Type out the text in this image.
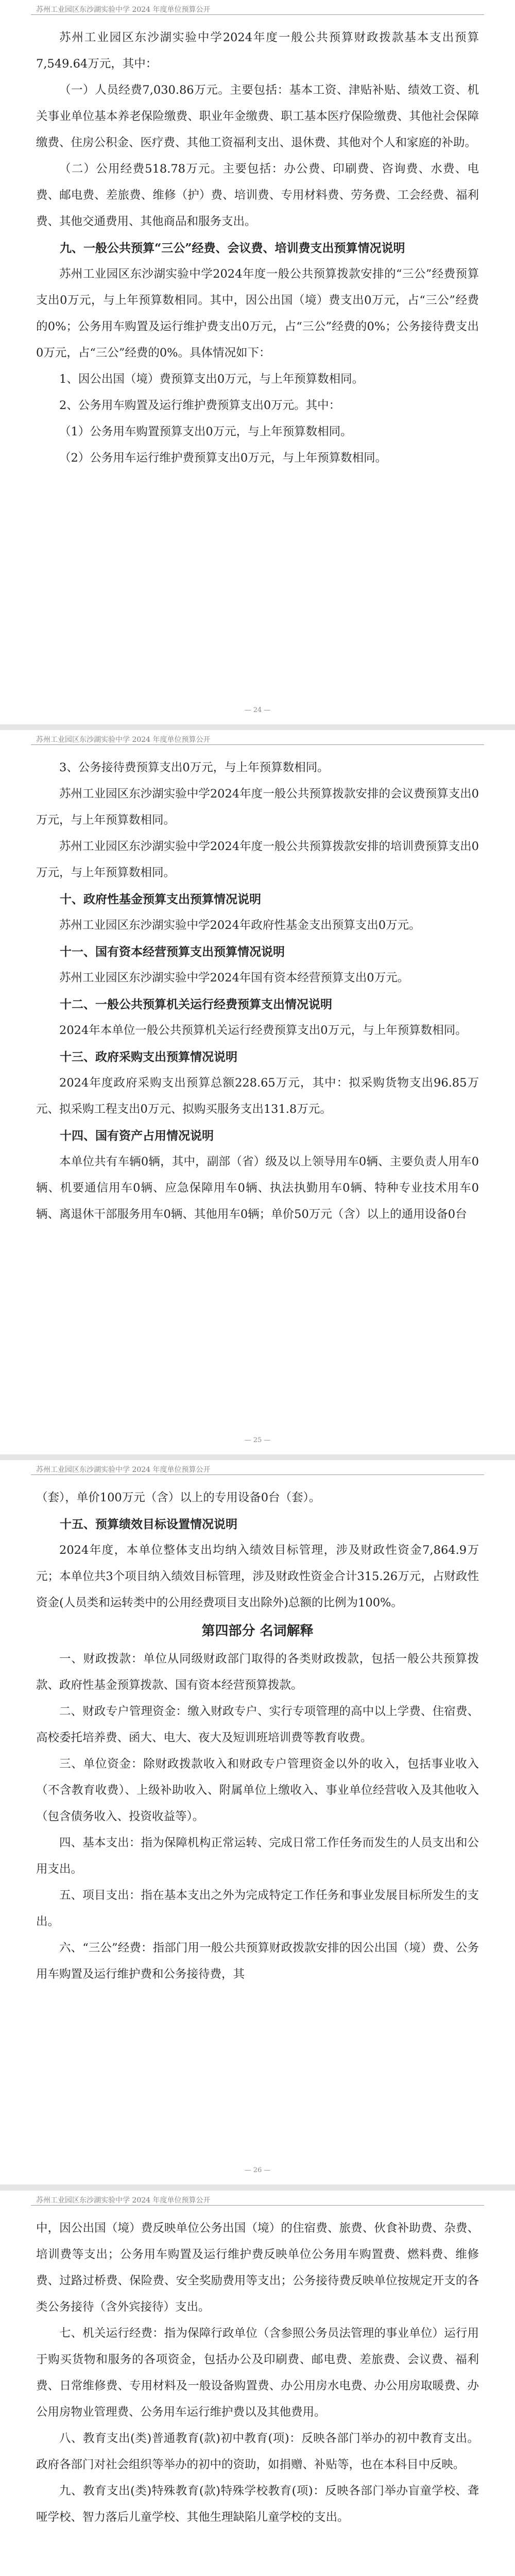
苏州工业园区东沙湖实验中学 2024 年度单位预算公开

苏州工业园区东沙湖实验中学2024年度一般公共预算财政拨款基本支出预算7,549.64万元，其中：

（一）人员经费7,030.86万元。主要包括：基本工资、津贴补贴、绩效工资、机关事业单位基本养老保险缴费、职业年金缴费、职工基本医疗保险缴费、其他社会保障缴费、住房公积金、医疗费、其他工资福利支出、退休费、其他对个人和家庭的补助。

（二）公用经费518.78万元。主要包括：办公费、印刷费、咨询费、水费、电费、邮电费、差旅费、维修（护）费、培训费、专用材料费、劳务费、工会经费、福利费、其他交通费用、其他商品和服务支出。

九、一般公共预算“三公”经费、会议费、培训费支出预算情况说明

苏州工业园区东沙湖实验中学2024年度一般公共预算拨款安排的“三公”经费预算支出0万元，与上年预算数相同。其中，因公出国（境）费支出0万元，占“三公”经费的0%；公务用车购置及运行维护费支出0万元，占“三公”经费的0%；公务接待费支出0万元，占“三公”经费的0%。具体情况如下：

1、因公出国（境）费预算支出0万元，与上年预算数相同。

2、公务用车购置及运行维护费预算支出0万元。其中：

（1）公务用车购置预算支出0万元，与上年预算数相同。

（2）公务用车运行维护费预算支出0万元，与上年预算数相同。

— 24 —
苏州工业园区东沙湖实验中学 2024 年度单位预算公开

3、公务接待费预算支出0万元，与上年预算数相同。

苏州工业园区东沙湖实验中学2024年度一般公共预算拨款安排的会议费预算支出0万元，与上年预算数相同。

苏州工业园区东沙湖实验中学2024年度一般公共预算拨款安排的培训费预算支出0万元，与上年预算数相同。

十、政府性基金预算支出预算情况说明

苏州工业园区东沙湖实验中学2024年政府性基金支出预算支出0万元。

十一、国有资本经营预算支出预算情况说明

苏州工业园区东沙湖实验中学2024年国有资本经营预算支出0万元。

十二、一般公共预算机关运行经费预算支出情况说明

2024年本单位一般公共预算机关运行经费预算支出0万元，与上年预算数相同。

十三、政府采购支出预算情况说明

2024年度政府采购支出预算总额228.65万元，其中：拟采购货物支出96.85万元、拟采购工程支出0万元、拟购买服务支出131.8万元。

十四、国有资产占用情况说明

本单位共有车辆0辆，其中，副部（省）级及以上领导用车0辆、主要负责人用车0辆、机要通信用车0辆、应急保障用车0辆、执法执勤用车0辆、特种专业技术用车0辆、离退休干部服务用车0辆、其他用车0辆；单价50万元（含）以上的通用设备0台

— 25 —
苏州工业园区东沙湖实验中学 2024 年度单位预算公开

（套），单价100万元（含）以上的专用设备0台（套）。

十五、预算绩效目标设置情况说明

2024年度，本单位整体支出均纳入绩效目标管理，涉及财政性资金7,864.9万元；本单位共3个项目纳入绩效目标管理，涉及财政性资金合计315.26万元，占财政性资金(人员类和运转类中的公用经费项目支出除外)总额的比例为100%。

第四部分 名词解释

一、财政拨款：单位从同级财政部门取得的各类财政拨款，包括一般公共预算拨款、政府性基金预算拨款、国有资本经营预算拨款。

二、财政专户管理资金：缴入财政专户、实行专项管理的高中以上学费、住宿费、高校委托培养费、函大、电大、夜大及短训班培训费等教育收费。

三、单位资金：除财政拨款收入和财政专户管理资金以外的收入，包括事业收入（不含教育收费）、上级补助收入、附属单位上缴收入、事业单位经营收入及其他收入（包含债务收入、投资收益等）。

四、基本支出：指为保障机构正常运转、完成日常工作任务而发生的人员支出和公用支出。

五、项目支出：指在基本支出之外为完成特定工作任务和事业发展目标所发生的支出。

六、“三公”经费：指部门用一般公共预算财政拨款安排的因公出国（境）费、公务用车购置及运行维护费和公务接待费，其

— 26 —
苏州工业园区东沙湖实验中学 2024 年度单位预算公开

中，因公出国（境）费反映单位公务出国（境）的住宿费、旅费、伙食补助费、杂费、培训费等支出；公务用车购置及运行维护费反映单位公务用车购置费、燃料费、维修费、过路过桥费、保险费、安全奖励费用等支出；公务接待费反映单位按规定开支的各类公务接待（含外宾接待）支出。

七、机关运行经费：指为保障行政单位（含参照公务员法管理的事业单位）运行用于购买货物和服务的各项资金，包括办公及印刷费、邮电费、差旅费、会议费、福利费、日常维修费、专用材料及一般设备购置费、办公用房水电费、办公用房取暖费、办公用房物业管理费、公务用车运行维护费以及其他费用。

八、教育支出(类)普通教育(款)初中教育(项)：反映各部门举办的初中教育支出。政府各部门对社会组织等举办的初中的资助，如捐赠、补贴等，也在本科目中反映。

九、教育支出(类)特殊教育(款)特殊学校教育(项)：反映各部门举办盲童学校、聋哑学校、智力落后儿童学校、其他生理缺陷儿童学校的支出。
